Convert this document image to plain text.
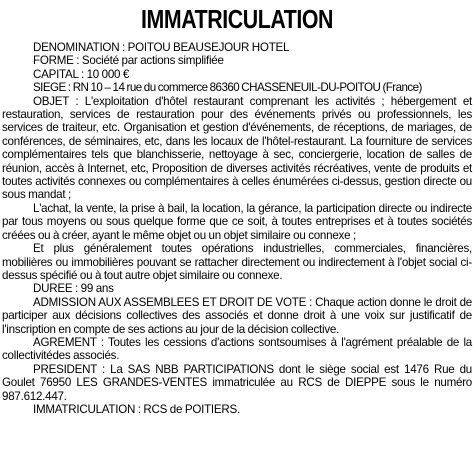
IMMATRICULATION
DENOMINATION : POITOU BEAUSEJOUR HOTEL
FORME : Société par actions simplifiée
CAPITAL : 10 000 €
SIEGE : RN 10 – 14 rue du commerce 86360 CHASSENEUIL-DU-POITOU (France)

OBJET : L'exploitation d'hôtel restaurant comprenant les activités ; hébergement et restauration, services de restauration pour des événements privés ou professionnels, les services de traiteur, etc. Organisation et gestion d'événements, de réceptions, de mariages, de conférences, de séminaires, etc, dans les locaux de l'hôtel-restaurant. La fourniture de services complémentaires tels que blanchisserie, nettoyage à sec, conciergerie, location de salles de réunion, accès à Internet, etc, Proposition de diverses activités récréatives, vente de produits et toutes activités connexes ou complémentaires à celles énumérées ci-dessus, gestion directe ou sous mandat ;

L'achat, la vente, la prise à bail, la location, la gérance, la participation directe ou indirecte par tous moyens ou sous quelque forme que ce soit, à toutes entreprises et à toutes sociétés créées ou à créer, ayant le même objet ou un objet similaire ou connexe ;

Et plus généralement toutes opérations industrielles, commerciales, financières, mobilières ou immobilières pouvant se rattacher directement ou indirectement à l'objet social ci-dessus spécifié ou à tout autre objet similaire ou connexe.

DUREE : 99 ans

ADMISSION AUX ASSEMBLEES ET DROIT DE VOTE : Chaque action donne le droit de participer aux décisions collectives des associés et donne droit à une voix sur justificatif de l'inscription en compte de ses actions au jour de la décision collective.

AGREMENT : Toutes les cessions d'actions sontsoumises à l'agrément préalable de la collectivitédes associés.

PRESIDENT : La SAS NBB PARTICIPATIONS dont le siège social est 1476 Rue du Goulet 76950 LES GRANDES-VENTES immatriculée au RCS de DIEPPE sous le numéro 987.612.447.

IMMATRICULATION : RCS de POITIERS.
